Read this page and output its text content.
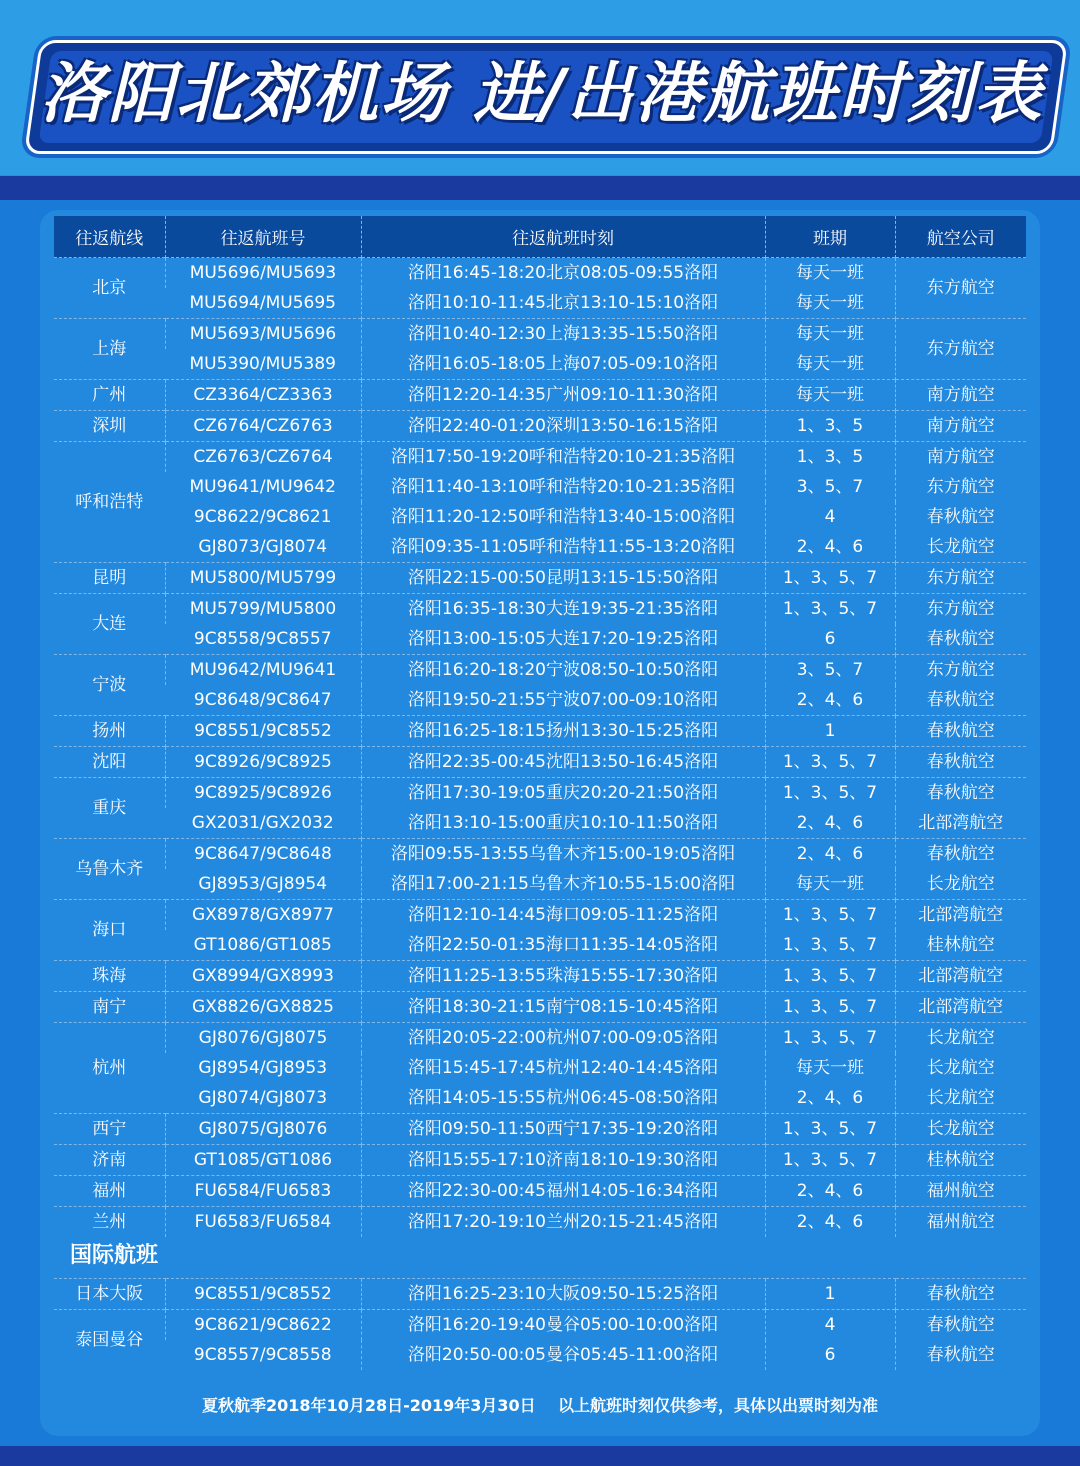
洛阳北郊机场 进/出港航班时刻表
往返航线	往返航班号	往返航班时刻	班期	航空公司
北京	MU5696/MU5693	洛阳16:45-18:20北京08:05-09:55洛阳	每天一班	东方航空
	MU5694/MU5695	洛阳10:10-11:45北京13:10-15:10洛阳	每天一班	
上海	MU5693/MU5696	洛阳10:40-12:30上海13:35-15:50洛阳	每天一班	东方航空
	MU5390/MU5389	洛阳16:05-18:05上海07:05-09:10洛阳	每天一班	
广州	CZ3364/CZ3363	洛阳12:20-14:35广州09:10-11:30洛阳	每天一班	南方航空
深圳	CZ6764/CZ6763	洛阳22:40-01:20深圳13:50-16:15洛阳	1、3、5	南方航空
呼和浩特	CZ6763/CZ6764	洛阳17:50-19:20呼和浩特20:10-21:35洛阳	1、3、5	南方航空
	MU9641/MU9642	洛阳11:40-13:10呼和浩特20:10-21:35洛阳	3、5、7	东方航空
	9C8622/9C8621	洛阳11:20-12:50呼和浩特13:40-15:00洛阳	4	春秋航空
	GJ8073/GJ8074	洛阳09:35-11:05呼和浩特11:55-13:20洛阳	2、4、6	长龙航空
昆明	MU5800/MU5799	洛阳22:15-00:50昆明13:15-15:50洛阳	1、3、5、7	东方航空
大连	MU5799/MU5800	洛阳16:35-18:30大连19:35-21:35洛阳	1、3、5、7	东方航空
	9C8558/9C8557	洛阳13:00-15:05大连17:20-19:25洛阳	6	春秋航空
宁波	MU9642/MU9641	洛阳16:20-18:20宁波08:50-10:50洛阳	3、5、7	东方航空
	9C8648/9C8647	洛阳19:50-21:55宁波07:00-09:10洛阳	2、4、6	春秋航空
扬州	9C8551/9C8552	洛阳16:25-18:15扬州13:30-15:25洛阳	1	春秋航空
沈阳	9C8926/9C8925	洛阳22:35-00:45沈阳13:50-16:45洛阳	1、3、5、7	春秋航空
重庆	9C8925/9C8926	洛阳17:30-19:05重庆20:20-21:50洛阳	1、3、5、7	春秋航空
	GX2031/GX2032	洛阳13:10-15:00重庆10:10-11:50洛阳	2、4、6	北部湾航空
乌鲁木齐	9C8647/9C8648	洛阳09:55-13:55乌鲁木齐15:00-19:05洛阳	2、4、6	春秋航空
	GJ8953/GJ8954	洛阳17:00-21:15乌鲁木齐10:55-15:00洛阳	每天一班	长龙航空
海口	GX8978/GX8977	洛阳12:10-14:45海口09:05-11:25洛阳	1、3、5、7	北部湾航空
	GT1086/GT1085	洛阳22:50-01:35海口11:35-14:05洛阳	1、3、5、7	桂林航空
珠海	GX8994/GX8993	洛阳11:25-13:55珠海15:55-17:30洛阳	1、3、5、7	北部湾航空
南宁	GX8826/GX8825	洛阳18:30-21:15南宁08:15-10:45洛阳	1、3、5、7	北部湾航空
杭州	GJ8076/GJ8075	洛阳20:05-22:00杭州07:00-09:05洛阳	1、3、5、7	长龙航空
	GJ8954/GJ8953	洛阳15:45-17:45杭州12:40-14:45洛阳	每天一班	长龙航空
	GJ8074/GJ8073	洛阳14:05-15:55杭州06:45-08:50洛阳	2、4、6	长龙航空
西宁	GJ8075/GJ8076	洛阳09:50-11:50西宁17:35-19:20洛阳	1、3、5、7	长龙航空
济南	GT1085/GT1086	洛阳15:55-17:10济南18:10-19:30洛阳	1、3、5、7	桂林航空
福州	FU6584/FU6583	洛阳22:30-00:45福州14:05-16:34洛阳	2、4、6	福州航空
兰州	FU6583/FU6584	洛阳17:20-19:10兰州20:15-21:45洛阳	2、4、6	福州航空
国际航班
日本大阪	9C8551/9C8552	洛阳16:25-23:10大阪09:50-15:25洛阳	1	春秋航空
泰国曼谷	9C8621/9C8622	洛阳16:20-19:40曼谷05:00-10:00洛阳	4	春秋航空
	9C8557/9C8558	洛阳20:50-00:05曼谷05:45-11:00洛阳	6	春秋航空
夏秋航季2018年10月28日-2019年3月30日    以上航班时刻仅供参考，具体以出票时刻为准
